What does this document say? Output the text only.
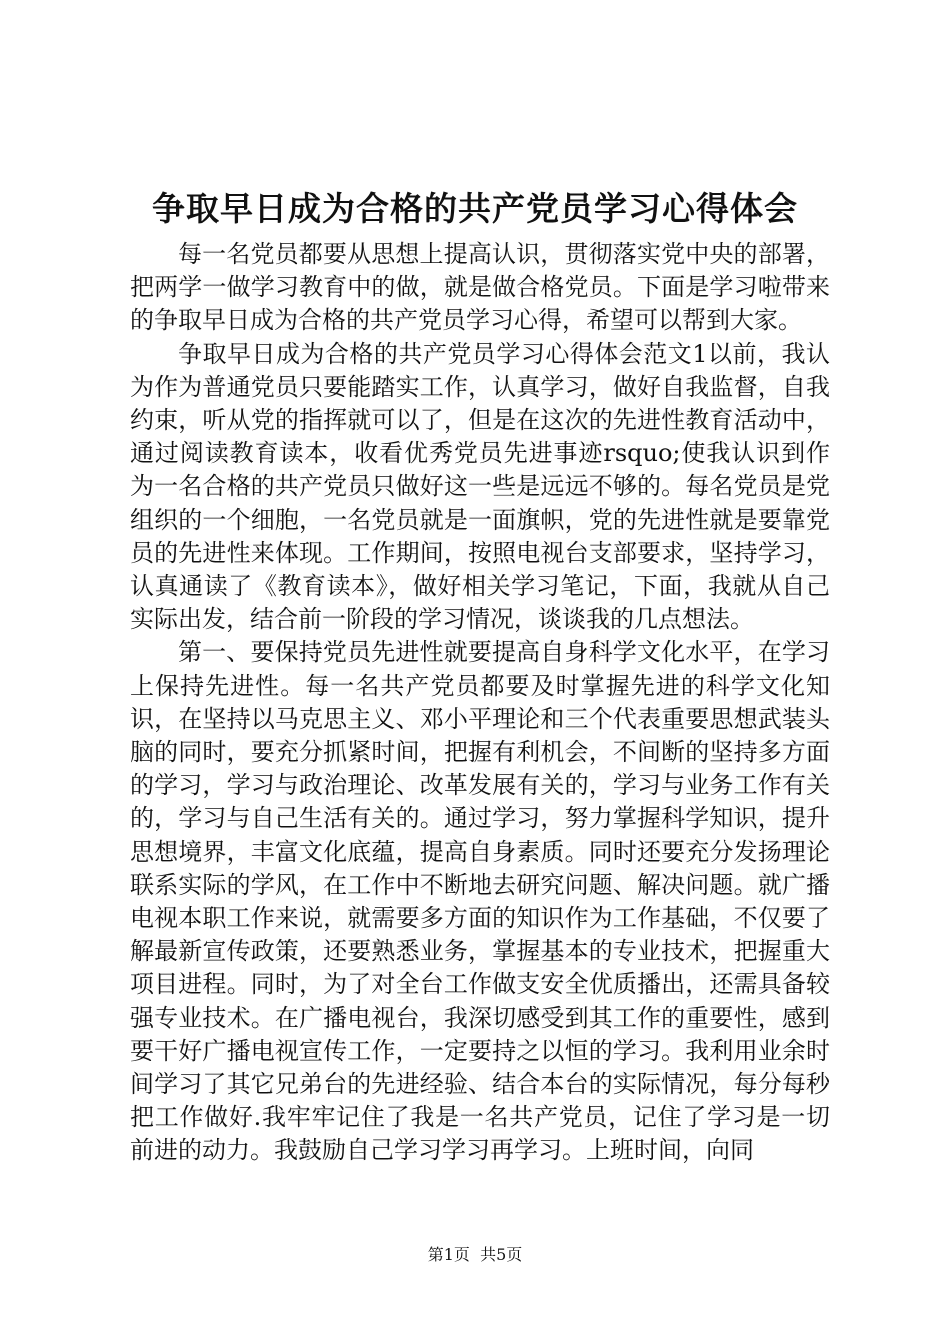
争取早日成为合格的共产党员学习心得体会

每一名党员都要从思想上提高认识，贯彻落实党中央的部署，把两学一做学习教育中的做，就是做合格党员。下面是学习啦带来的争取早日成为合格的共产党员学习心得，希望可以帮到大家。

争取早日成为合格的共产党员学习心得体会范文1以前，我认为作为普通党员只要能踏实工作，认真学习，做好自我监督，自我约束，听从党的指挥就可以了，但是在这次的先进性教育活动中，通过阅读教育读本，收看优秀党员先进事迹rsquo;使我认识到作为一名合格的共产党员只做好这一些是远远不够的。每名党员是党组织的一个细胞，一名党员就是一面旗帜，党的先进性就是要靠党员的先进性来体现。工作期间，按照电视台支部要求，坚持学习，认真通读了《教育读本》，做好相关学习笔记，下面，我就从自己实际出发，结合前一阶段的学习情况，谈谈我的几点想法。

第一、要保持党员先进性就要提高自身科学文化水平，在学习上保持先进性。每一名共产党员都要及时掌握先进的科学文化知识，在坚持以马克思主义、邓小平理论和三个代表重要思想武装头脑的同时，要充分抓紧时间，把握有利机会，不间断的坚持多方面的学习，学习与政治理论、改革发展有关的，学习与业务工作有关的，学习与自己生活有关的。通过学习，努力掌握科学知识，提升思想境界，丰富文化底蕴，提高自身素质。同时还要充分发扬理论联系实际的学风，在工作中不断地去研究问题、解决问题。就广播电视本职工作来说，就需要多方面的知识作为工作基础，不仅要了解最新宣传政策，还要熟悉业务，掌握基本的专业技术，把握重大项目进程。同时，为了对全台工作做支安全优质播出，还需具备较强专业技术。在广播电视台，我深切感受到其工作的重要性，感到要干好广播电视宣传工作，一定要持之以恒的学习。我利用业余时间学习了其它兄弟台的先进经验、结合本台的实际情况，每分每秒把工作做好.我牢牢记住了我是一名共产党员，记住了学习是一切前进的动力。我鼓励自己学习学习再学习。上班时间，向同

第1页 共5页
